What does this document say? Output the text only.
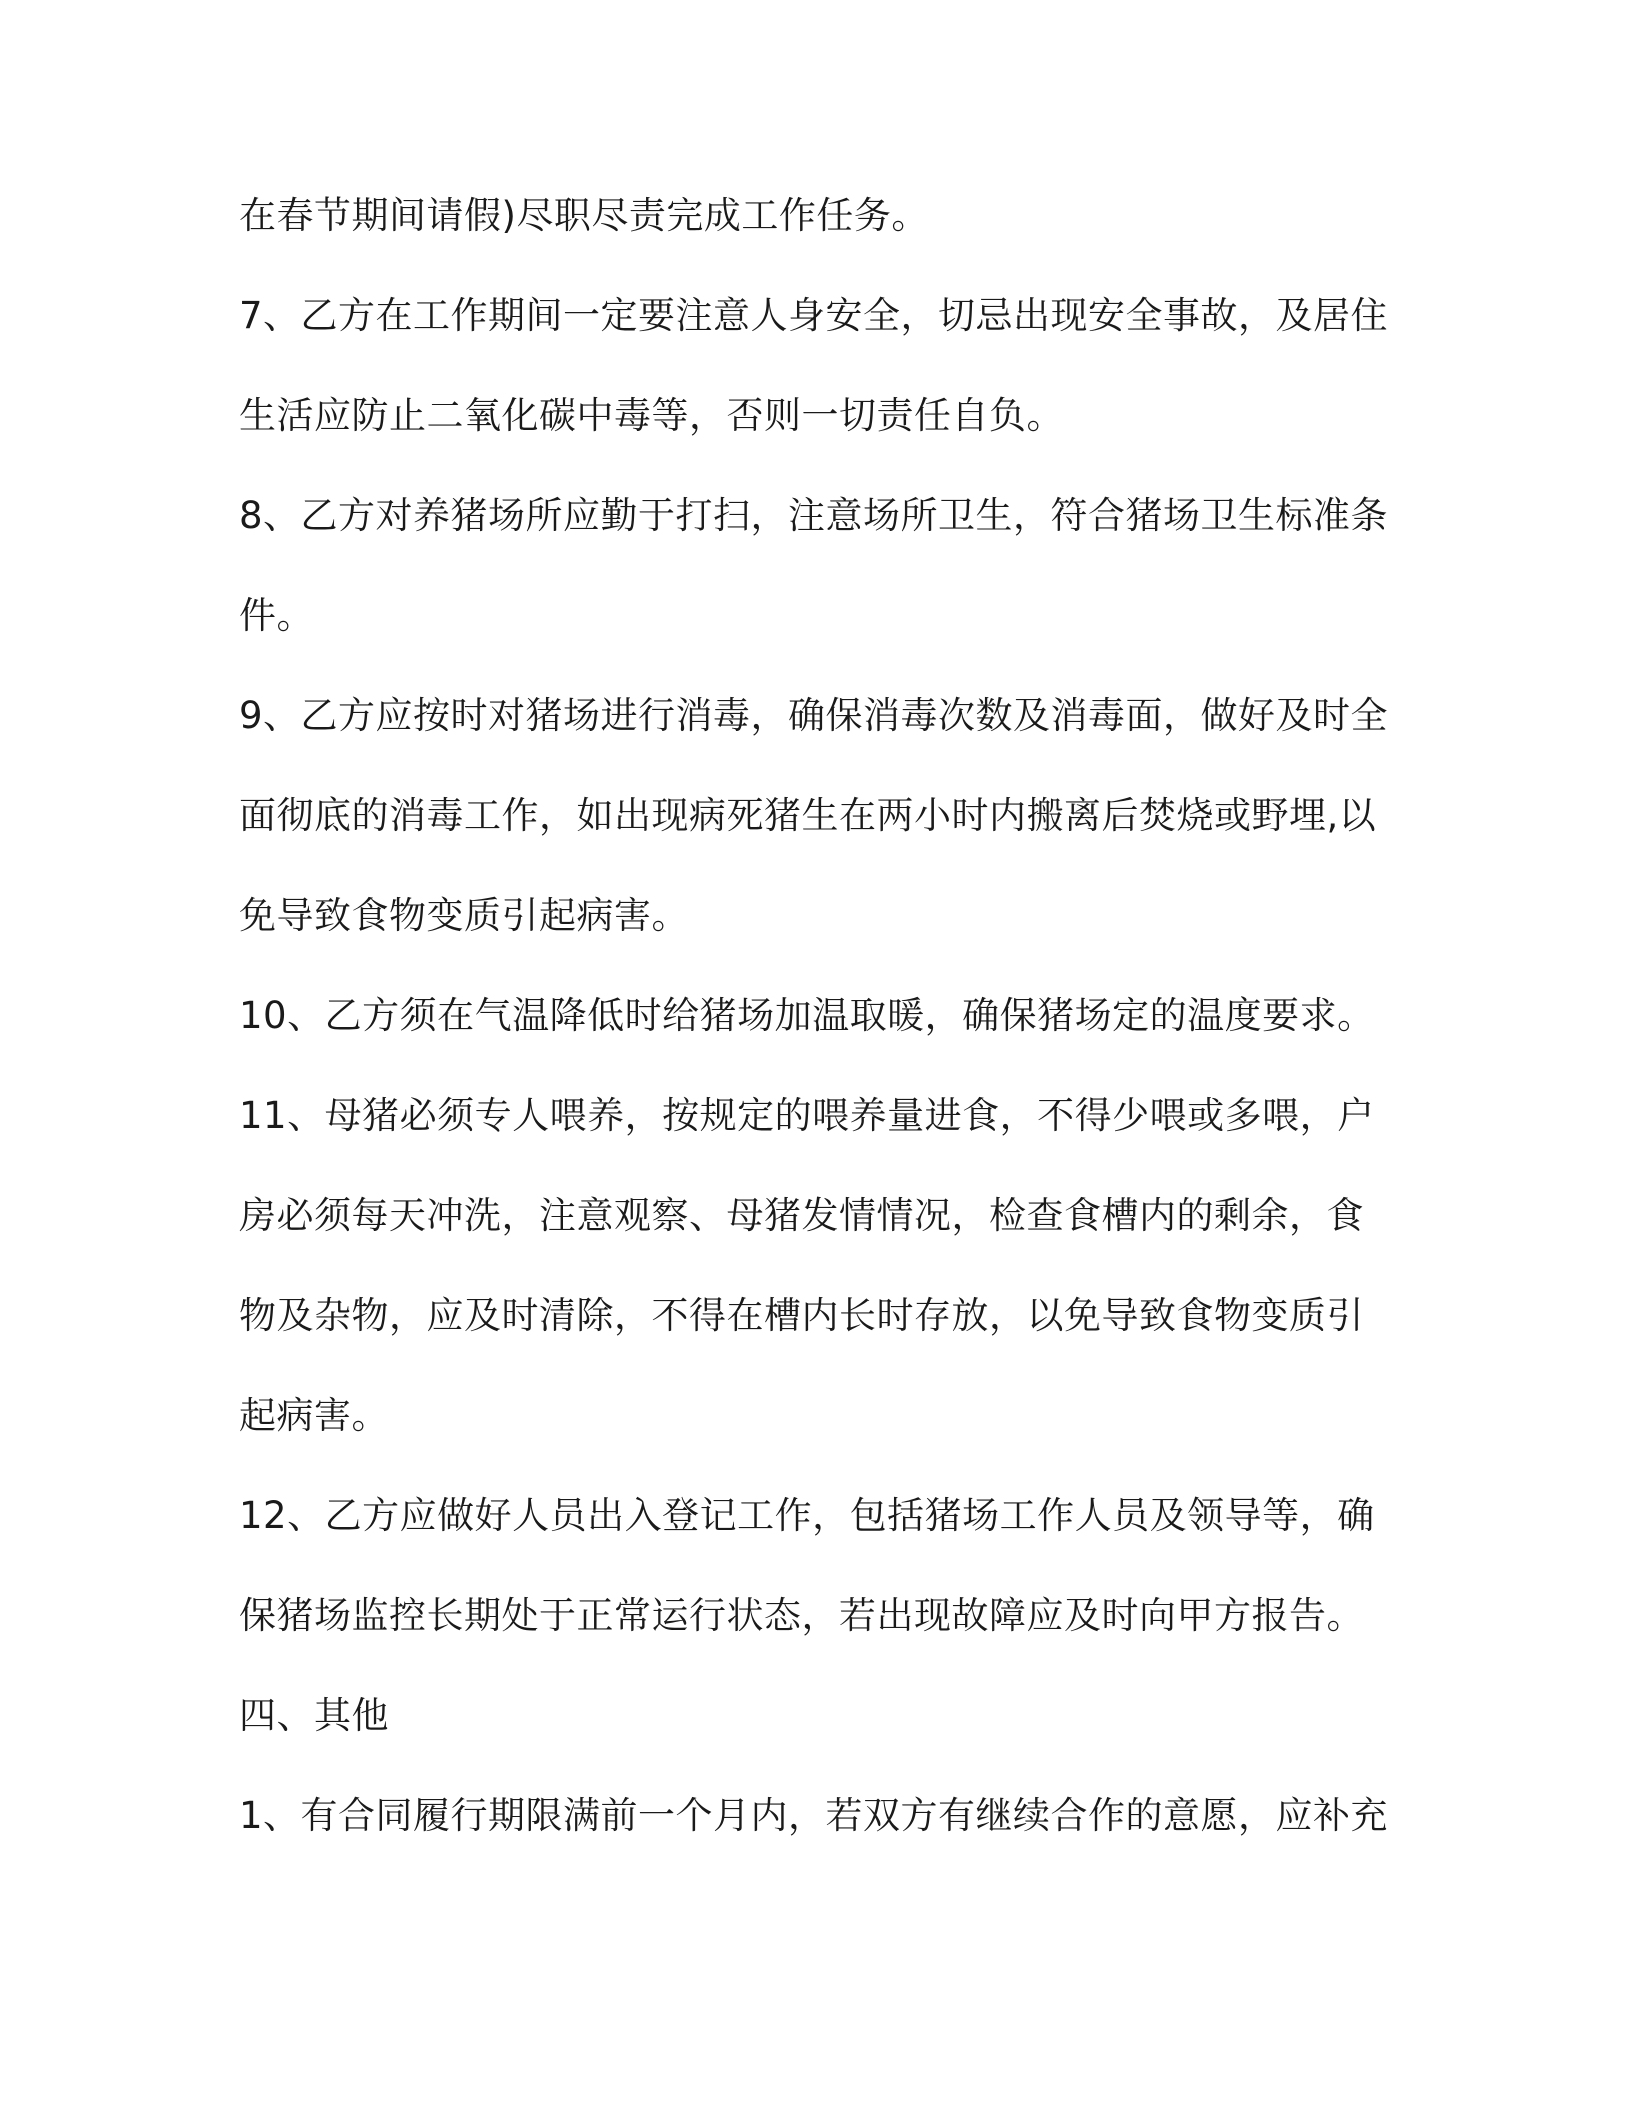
在春节期间请假)尽职尽责完成工作任务。
7、乙方在工作期间一定要注意人身安全，切忌出现安全事故，及居住
生活应防止二氧化碳中毒等，否则一切责任自负。
8、乙方对养猪场所应勤于打扫，注意场所卫生，符合猪场卫生标准条
件。
9、乙方应按时对猪场进行消毒，确保消毒次数及消毒面，做好及时全
面彻底的消毒工作，如出现病死猪生在两小时内搬离后焚烧或野埋,以
免导致食物变质引起病害。
10、乙方须在气温降低时给猪场加温取暖，确保猪场定的温度要求。
11、母猪必须专人喂养，按规定的喂养量进食，不得少喂或多喂，户
房必须每天冲洗，注意观察、母猪发情情况，检查食槽内的剩余，食
物及杂物，应及时清除，不得在槽内长时存放，以免导致食物变质引
起病害。
12、乙方应做好人员出入登记工作，包括猪场工作人员及领导等，确
保猪场监控长期处于正常运行状态，若出现故障应及时向甲方报告。
四、其他
1、有合同履行期限满前一个月内，若双方有继续合作的意愿，应补充
